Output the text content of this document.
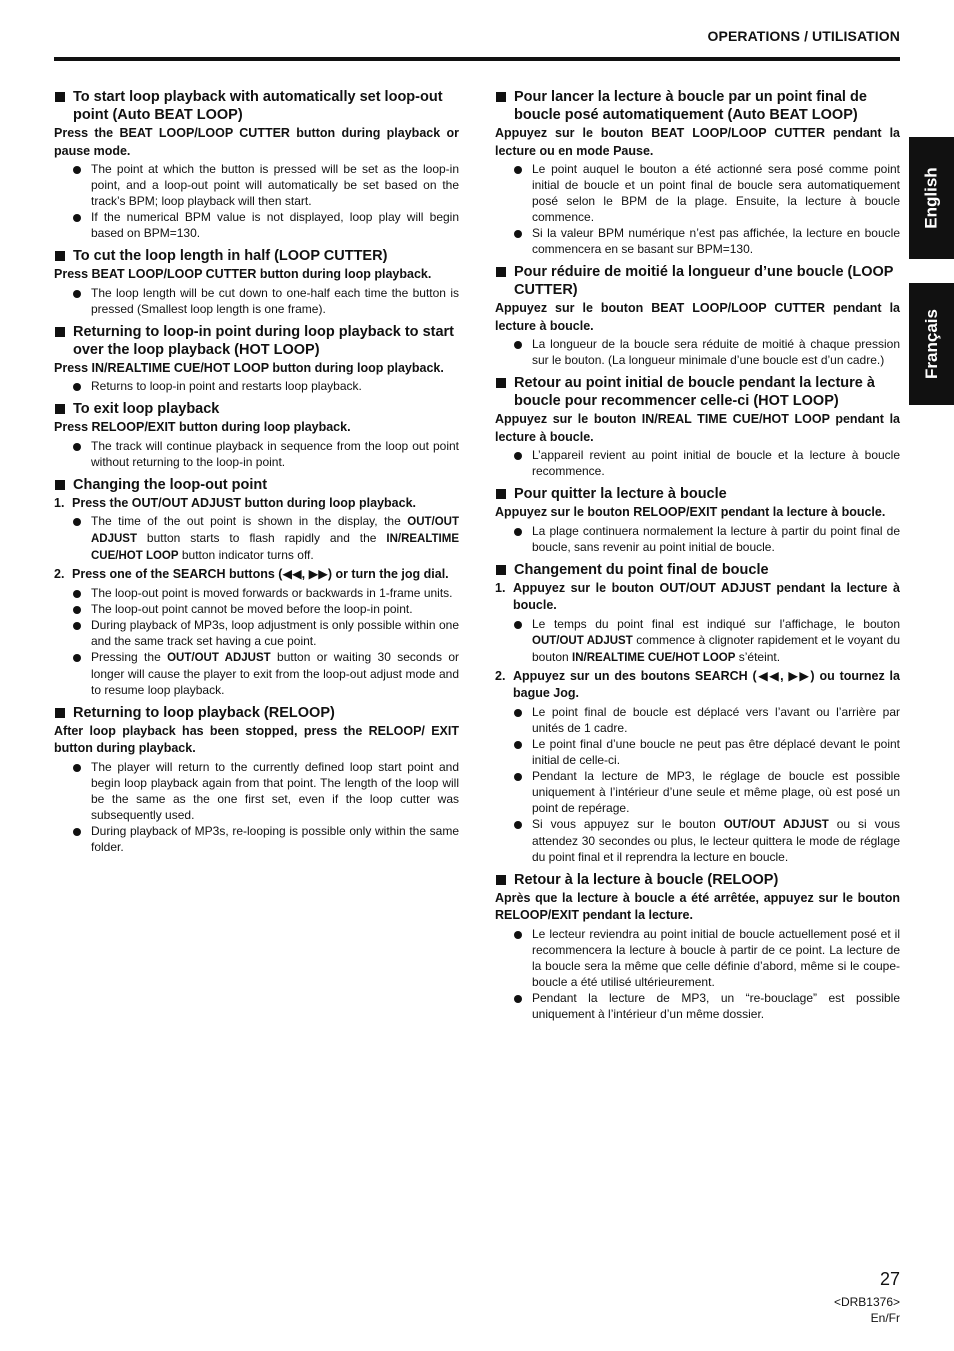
OPERATIONS / UTILISATION
English
Français
To start loop playback with automatically set loop-out point (Auto BEAT LOOP)
Press the BEAT LOOP/LOOP CUTTER button during playback or pause mode.
The point at which the button is pressed will be set as the loop-in point, and a loop-out point will automatically be set based on the track’s BPM; loop playback will then start.
If the numerical BPM value is not displayed, loop play will begin based on BPM=130.
To cut the loop length in half (LOOP CUTTER)
Press BEAT LOOP/LOOP CUTTER button during loop playback.
The loop length will be cut down to one-half each time the button is pressed (Smallest loop length is one frame).
Returning to loop-in point during loop playback to start over the loop playback (HOT LOOP)
Press IN/REALTIME CUE/HOT LOOP button during loop playback.
Returns to loop-in point and restarts loop playback.
To exit loop playback
Press RELOOP/EXIT button during loop playback.
The track will continue playback in sequence from the loop out point without returning to the loop-in point.
Changing the loop-out point
1. Press the OUT/OUT ADJUST button during loop playback.
The time of the out point is shown in the display, the OUT/OUT ADJUST button starts to flash rapidly and the IN/REALTIME CUE/HOT LOOP button indicator turns off.
2. Press one of the SEARCH buttons (◀◀, ▶▶) or turn the jog dial.
The loop-out point is moved forwards or backwards in 1-frame units.
The loop-out point cannot be moved before the loop-in point.
During playback of MP3s, loop adjustment is only possible within one and the same track set having a cue point.
Pressing the OUT/OUT ADJUST button or waiting 30 seconds or longer will cause the player to exit from the loop-out adjust mode and to resume loop playback.
Returning to loop playback (RELOOP)
After loop playback has been stopped, press the RELOOP/ EXIT button during playback.
The player will return to the currently defined loop start point and begin loop playback again from that point. The length of the loop will be the same as the one first set, even if the loop cutter was subsequently used.
During playback of MP3s, re-looping is possible only within the same folder.
Pour lancer la lecture à boucle par un point final de boucle posé automatiquement (Auto BEAT LOOP)
Appuyez sur le bouton BEAT LOOP/LOOP CUTTER pendant la lecture ou en mode Pause.
Le point auquel le bouton a été actionné sera posé comme point initial de boucle et un point final de boucle sera automatiquement posé selon le BPM de la plage. Ensuite, la lecture à boucle commence.
Si la valeur BPM numérique n’est pas affichée, la lecture en boucle commencera en se basant sur BPM=130.
Pour réduire de moitié la longueur d’une boucle (LOOP CUTTER)
Appuyez sur le bouton BEAT LOOP/LOOP CUTTER pendant la lecture à boucle.
La longueur de la boucle sera réduite de moitié à chaque pression sur le bouton. (La longueur minimale d’une boucle est d’un cadre.)
Retour au point initial de boucle pendant la lecture à boucle pour recommencer celle-ci (HOT LOOP)
Appuyez sur le bouton IN/REAL TIME CUE/HOT LOOP pendant la lecture à boucle.
L’appareil revient au point initial de boucle et la lecture à boucle recommence.
Pour quitter la lecture à boucle
Appuyez sur le bouton RELOOP/EXIT pendant la lecture à boucle.
La plage continuera normalement la lecture à partir du point final de boucle, sans revenir au point initial de boucle.
Changement du point final de boucle
1. Appuyez sur le bouton OUT/OUT ADJUST pendant la lecture à boucle.
Le temps du point final est indiqué sur l’affichage, le bouton OUT/OUT ADJUST commence à clignoter rapidement et le voyant du bouton IN/REALTIME CUE/HOT LOOP s’éteint.
2. Appuyez sur un des boutons SEARCH (◀◀, ▶▶) ou tournez la bague Jog.
Le point final de boucle est déplacé vers l’avant ou l’arrière par unités de 1 cadre.
Le point final d’une boucle ne peut pas être déplacé devant le point initial de celle-ci.
Pendant la lecture de MP3, le réglage de boucle est possible uniquement à l’intérieur d’une seule et même plage, où est posé un point de repérage.
Si vous appuyez sur le bouton OUT/OUT ADJUST ou si vous attendez 30 secondes ou plus, le lecteur quittera le mode de réglage du point final et il reprendra la lecture en boucle.
Retour à la lecture à boucle (RELOOP)
Après que la lecture à boucle a été arrêtée, appuyez sur le bouton RELOOP/EXIT pendant la lecture.
Le lecteur reviendra au point initial de boucle actuellement posé et il recommencera la lecture à boucle à partir de ce point. La lecture de la boucle sera la même que celle définie d’abord, même si le coupe-boucle a été utilisé ultérieurement.
Pendant la lecture de MP3, un “re-bouclage” est possible uniquement à l’intérieur d’un même dossier.
27
<DRB1376>
En/Fr
